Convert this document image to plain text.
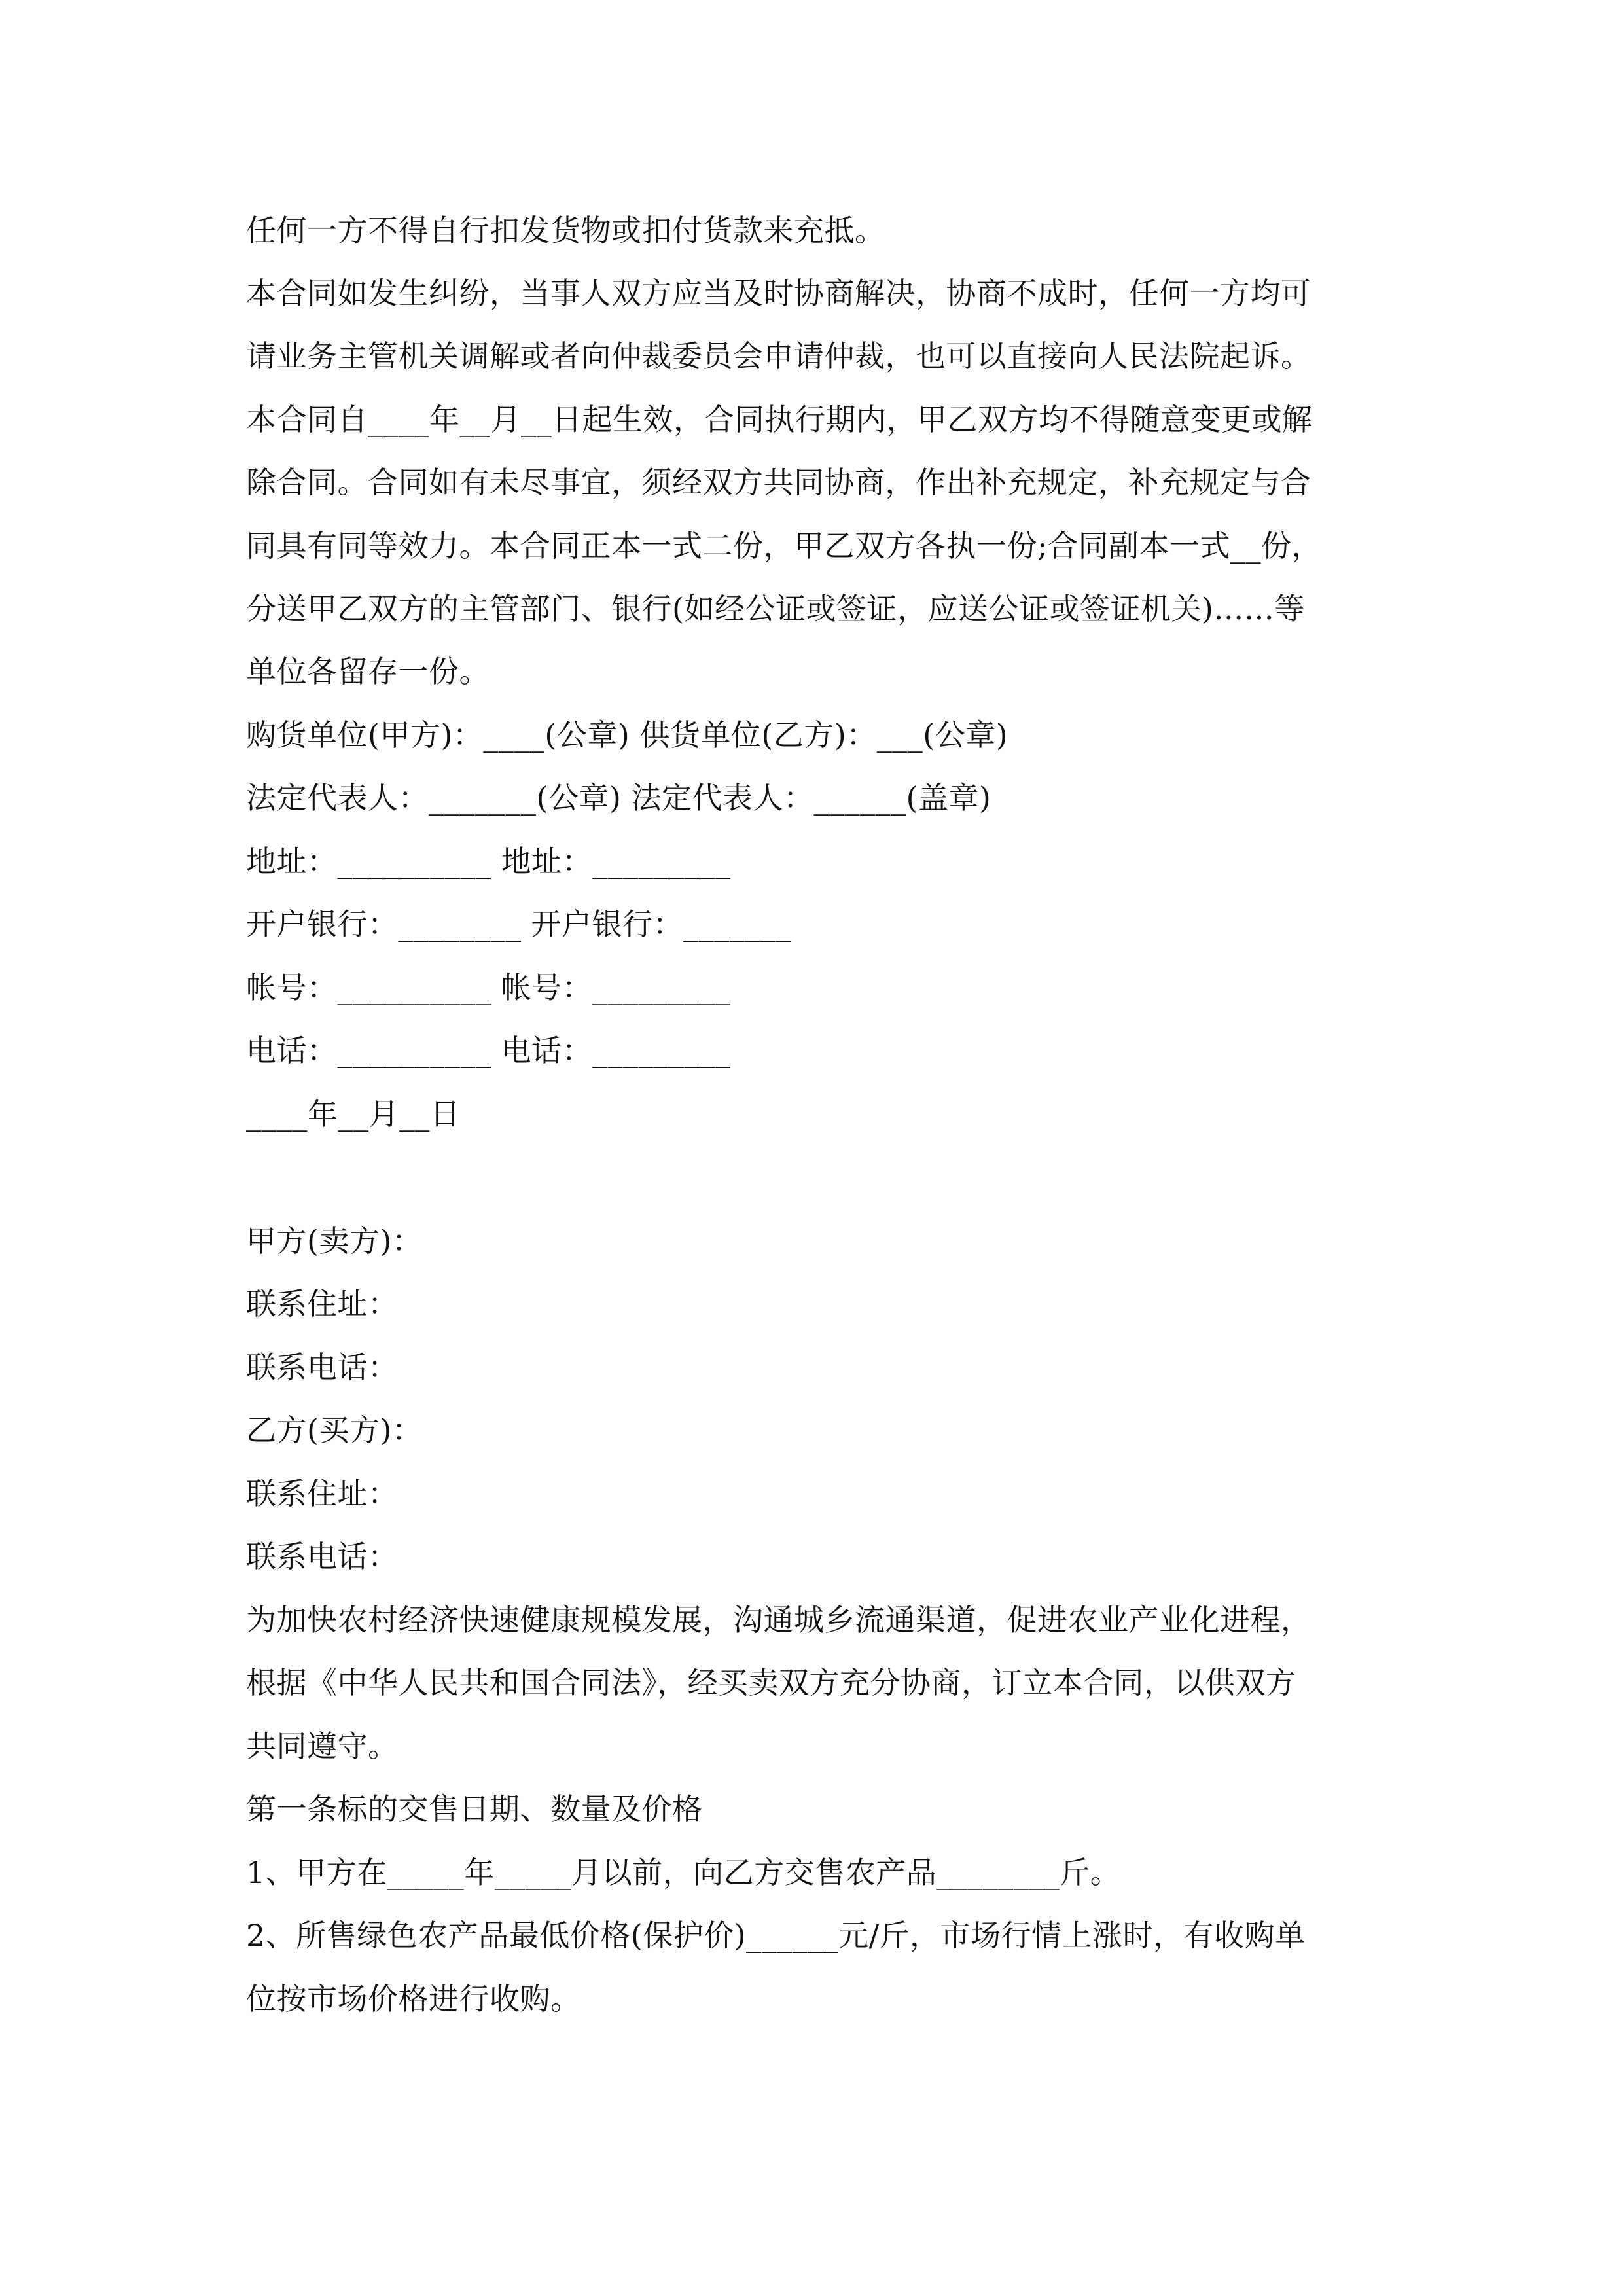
任何一方不得自行扣发货物或扣付货款来充抵。
本合同如发生纠纷，当事人双方应当及时协商解决，协商不成时，任何一方均可
请业务主管机关调解或者向仲裁委员会申请仲裁，也可以直接向人民法院起诉。
本合同自____年__月__日起生效，合同执行期内，甲乙双方均不得随意变更或解
除合同。合同如有未尽事宜，须经双方共同协商，作出补充规定，补充规定与合
同具有同等效力。本合同正本一式二份，甲乙双方各执一份;合同副本一式__份，
分送甲乙双方的主管部门、银行(如经公证或签证，应送公证或签证机关)……等
单位各留存一份。
购货单位(甲方)：____(公章) 供货单位(乙方)：___(公章)
法定代表人：_______(公章) 法定代表人：______(盖章)
地址：__________ 地址：_________
开户银行：________ 开户银行：_______
帐号：__________ 帐号：_________
电话：__________ 电话：_________
____年__月__日
甲方(卖方)：
联系住址：
联系电话：
乙方(买方)：
联系住址：
联系电话：
为加快农村经济快速健康规模发展，沟通城乡流通渠道，促进农业产业化进程，
根据《中华人民共和国合同法》，经买卖双方充分协商，订立本合同，以供双方
共同遵守。
第一条标的交售日期、数量及价格
1、甲方在_____年_____月以前，向乙方交售农产品________斤。
2、所售绿色农产品最低价格(保护价)______元/斤，市场行情上涨时，有收购单
位按市场价格进行收购。
